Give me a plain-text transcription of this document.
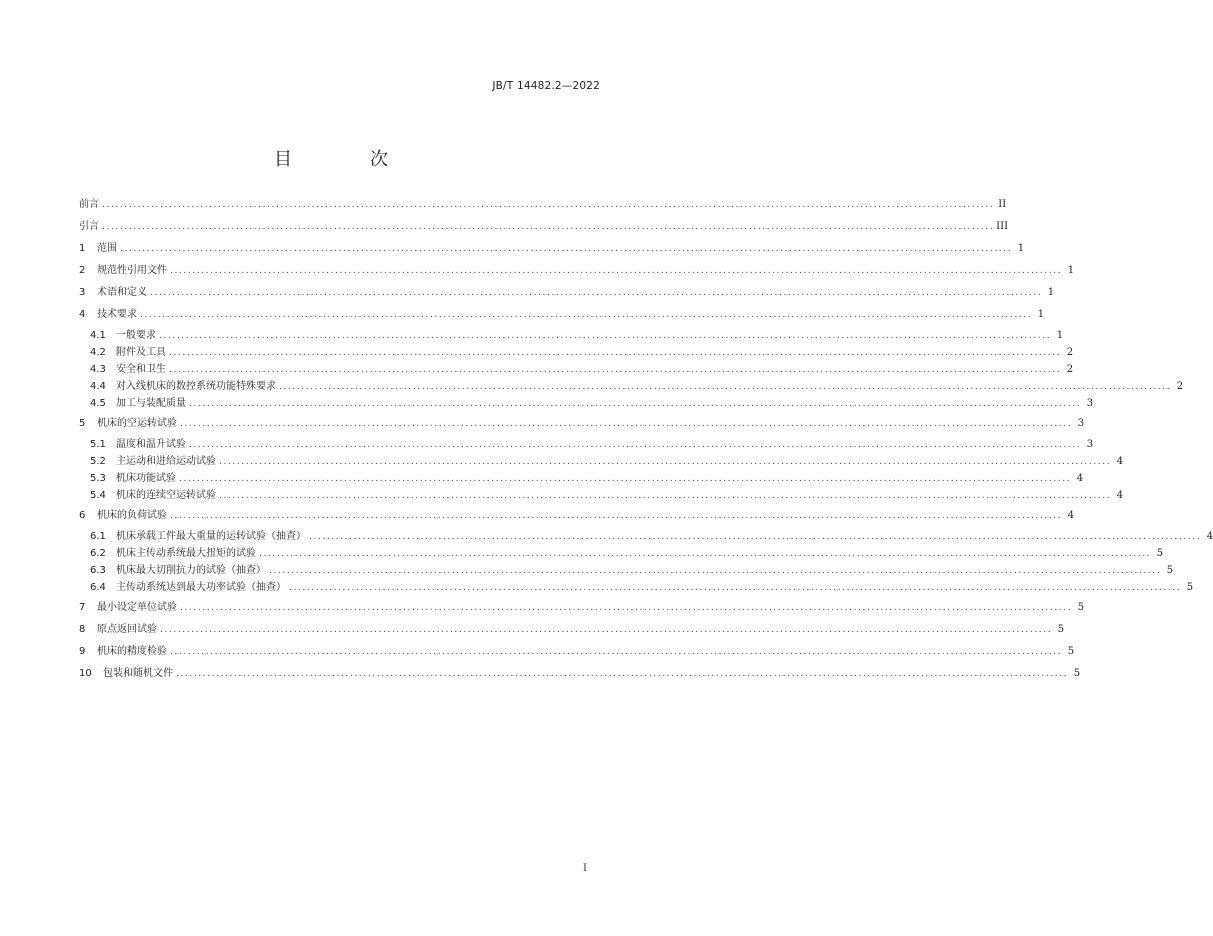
JB/T 14482.2—2022
目　次
前言 ........................................................................................................................................................................................................ II
引言 ........................................................................................................................................................................................................ III
1	范围 ........................................................................................................................................................................................................ 1
2	规范性引用文件 ........................................................................................................................................................................................................ 1
3	术语和定义 ........................................................................................................................................................................................................ 1
4	技术要求 ........................................................................................................................................................................................................ 1
4.1	一般要求 ........................................................................................................................................................................................................ 1
4.2	附件及工具 ........................................................................................................................................................................................................ 2
4.3	安全和卫生 ........................................................................................................................................................................................................ 2
4.4	对入线机床的数控系统功能特殊要求 ........................................................................................................................................................................................................ 2
4.5	加工与装配质量 ........................................................................................................................................................................................................ 3
5	机床的空运转试验 ........................................................................................................................................................................................................ 3
5.1	温度和温升试验 ........................................................................................................................................................................................................ 3
5.2	主运动和进给运动试验 ........................................................................................................................................................................................................ 4
5.3	机床功能试验 ........................................................................................................................................................................................................ 4
5.4	机床的连续空运转试验 ........................................................................................................................................................................................................ 4
6	机床的负荷试验 ........................................................................................................................................................................................................ 4
6.1	机床承载工件最大重量的运转试验（抽查） ........................................................................................................................................................................................................ 4
6.2	机床主传动系统最大扭矩的试验 ........................................................................................................................................................................................................ 5
6.3	机床最大切削抗力的试验（抽查） ........................................................................................................................................................................................................ 5
6.4	主传动系统达到最大功率试验（抽查） ........................................................................................................................................................................................................ 5
7	最小设定单位试验 ........................................................................................................................................................................................................ 5
8	原点返回试验 ........................................................................................................................................................................................................ 5
9	机床的精度检验 ........................................................................................................................................................................................................ 5
10	包装和随机文件 ........................................................................................................................................................................................................ 5
I
